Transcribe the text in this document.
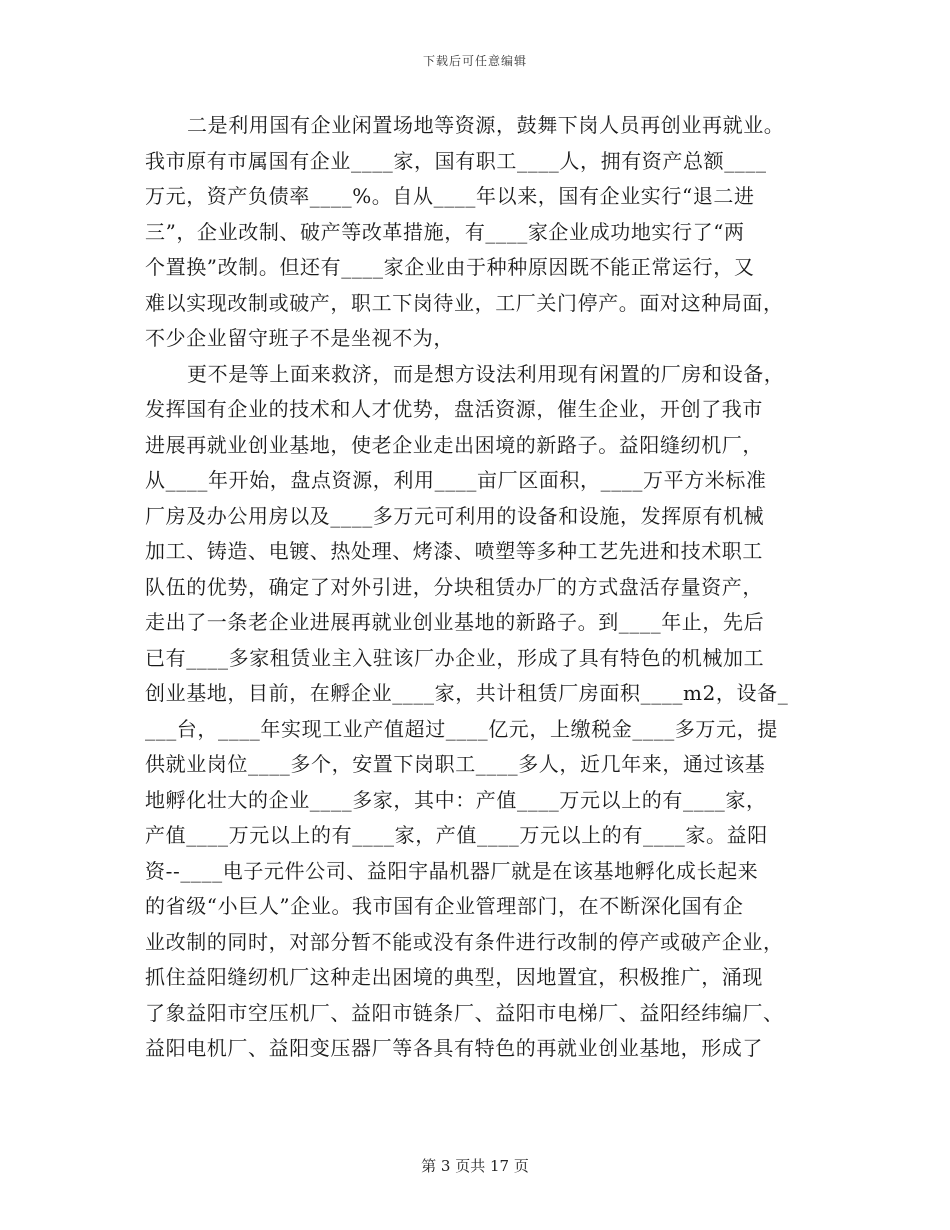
下载后可任意编辑

二是利用国有企业闲置场地等资源，鼓舞下岗人员再创业再就业。
我市原有市属国有企业____家，国有职工____人，拥有资产总额____
万元，资产负债率____%。自从____年以来，国有企业实行“退二进
三”，企业改制、破产等改革措施，有____家企业成功地实行了“两
个置换”改制。但还有____家企业由于种种原因既不能正常运行，又
难以实现改制或破产，职工下岗待业，工厂关门停产。面对这种局面，
不少企业留守班子不是坐视不为，

更不是等上面来救济，而是想方设法利用现有闲置的厂房和设备，
发挥国有企业的技术和人才优势，盘活资源，催生企业，开创了我市
进展再就业创业基地，使老企业走出困境的新路子。益阳缝纫机厂，
从____年开始，盘点资源，利用____亩厂区面积，____万平方米标准
厂房及办公用房以及____多万元可利用的设备和设施，发挥原有机械
加工、铸造、电镀、热处理、烤漆、喷塑等多种工艺先进和技术职工
队伍的优势，确定了对外引进，分块租赁办厂的方式盘活存量资产，
走出了一条老企业进展再就业创业基地的新路子。到____年止，先后
已有____多家租赁业主入驻该厂办企业，形成了具有特色的机械加工
创业基地，目前，在孵企业____家，共计租赁厂房面积____m2，设备_
___台，____年实现工业产值超过____亿元，上缴税金____多万元，提
供就业岗位____多个，安置下岗职工____多人，近几年来，通过该基
地孵化壮大的企业____多家，其中：产值____万元以上的有____家，
产值____万元以上的有____家，产值____万元以上的有____家。益阳
资--____电子元件公司、益阳宇晶机器厂就是在该基地孵化成长起来
的省级“小巨人”企业。我市国有企业管理部门，在不断深化国有企
业改制的同时，对部分暂不能或没有条件进行改制的停产或破产企业，
抓住益阳缝纫机厂这种走出困境的典型，因地置宜，积极推广，涌现
了象益阳市空压机厂、益阳市链条厂、益阳市电梯厂、益阳经纬编厂、
益阳电机厂、益阳变压器厂等各具有特色的再就业创业基地，形成了

第 3 页共 17 页
